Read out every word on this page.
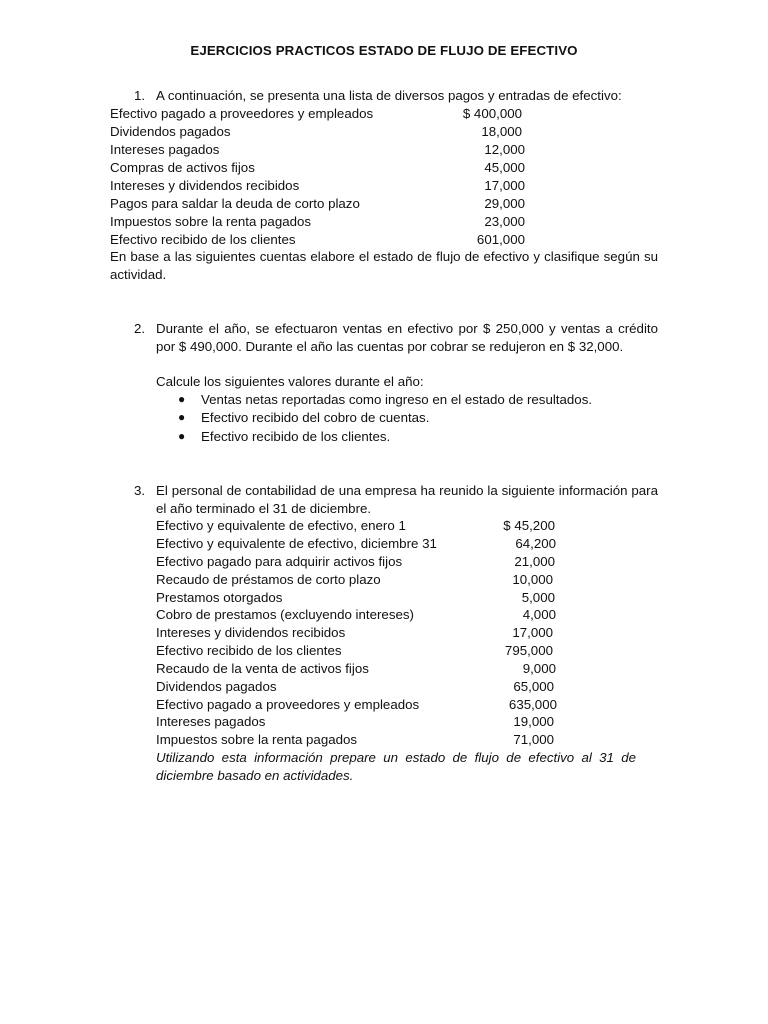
EJERCICIOS PRACTICOS ESTADO DE FLUJO DE EFECTIVO
1. A continuación, se presenta una lista de diversos pagos y entradas de efectivo:
Efectivo pagado a proveedores y empleados	$ 400,000
Dividendos pagados	18,000
Intereses pagados	12,000
Compras de activos fijos	45,000
Intereses y dividendos recibidos	17,000
Pagos para saldar la deuda de corto plazo	29,000
Impuestos sobre la renta pagados	23,000
Efectivo recibido de los clientes	601,000
En base a las siguientes cuentas elabore el estado de flujo de efectivo y clasifique según su actividad.
2. Durante el año, se efectuaron ventas en efectivo por $ 250,000 y ventas a crédito por $ 490,000. Durante el año las cuentas por cobrar se redujeron en $ 32,000.
Calcule los siguientes valores durante el año:
● Ventas netas reportadas como ingreso en el estado de resultados.
● Efectivo recibido del cobro de cuentas.
● Efectivo recibido de los clientes.
3. El personal de contabilidad de una empresa ha reunido la siguiente información para el año terminado el 31 de diciembre.
Efectivo y equivalente de efectivo, enero 1	$ 45,200
Efectivo y equivalente de efectivo, diciembre 31	64,200
Efectivo pagado para adquirir activos fijos	21,000
Recaudo de préstamos de corto plazo	10,000
Prestamos otorgados	5,000
Cobro de prestamos (excluyendo intereses)	4,000
Intereses y dividendos recibidos	17,000
Efectivo recibido de los clientes	795,000
Recaudo de la venta de activos fijos	9,000
Dividendos pagados	65,000
Efectivo pagado a proveedores y empleados	635,000
Intereses pagados	19,000
Impuestos sobre la renta pagados	71,000
Utilizando esta información prepare un estado de flujo de efectivo al 31 de diciembre basado en actividades.
